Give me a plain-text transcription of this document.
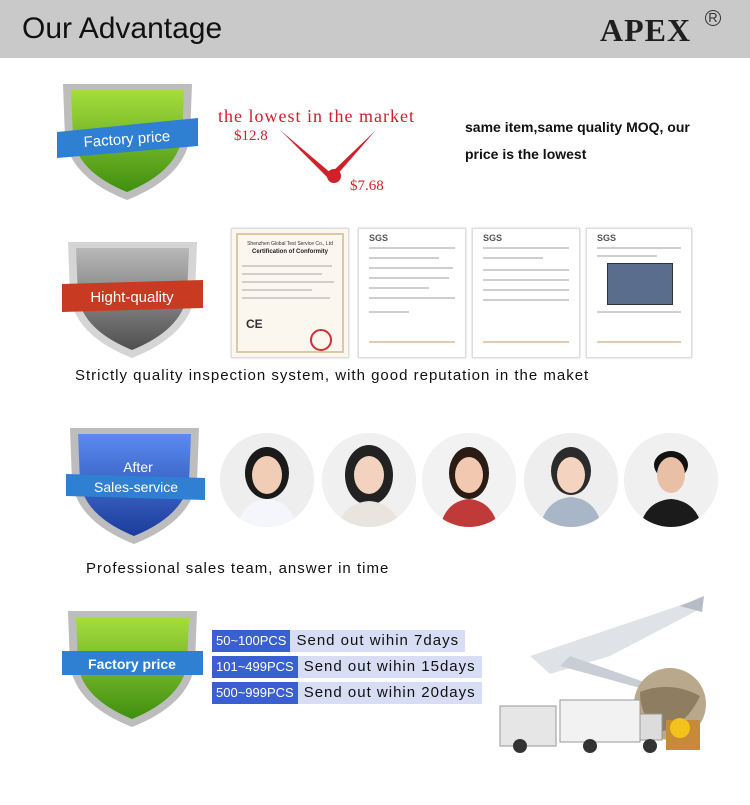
Our Advantage	APEX R
Factory price
the lowest in the market
$12.8
$7.68
same item,same quality MOQ, our price is the lowest
Hight-quality
Shenzhen Global Test Service Co., Ltd
Certification of Conformity
CE
SGS	SGS	SGS
Strictly quality inspection system, with good reputation in the maket
After
Sales-service
Professional sales team, answer in time
Factory price
50~100PCS Send out wihin 7days
101~499PCS Send out wihin 15days
500~999PCS Send out wihin 20days
